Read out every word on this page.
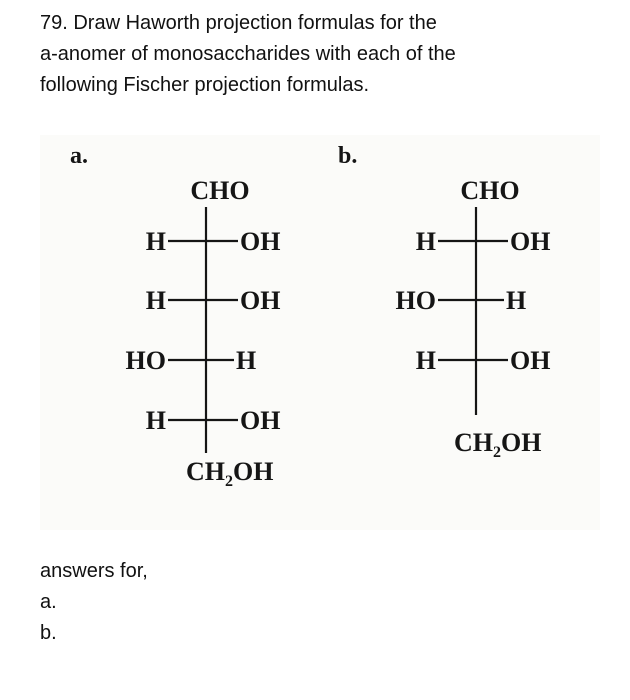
79. Draw Haworth projection formulas for the
a-anomer of monosaccharides with each of the
following Fischer projection formulas.
a.
CHO
H	OH
H	OH
HO	H
H	OH
$CH_2OH$
b.
CHO
H	OH
HO	H
H	OH
$CH_2OH$
answers for,
a.
b.
